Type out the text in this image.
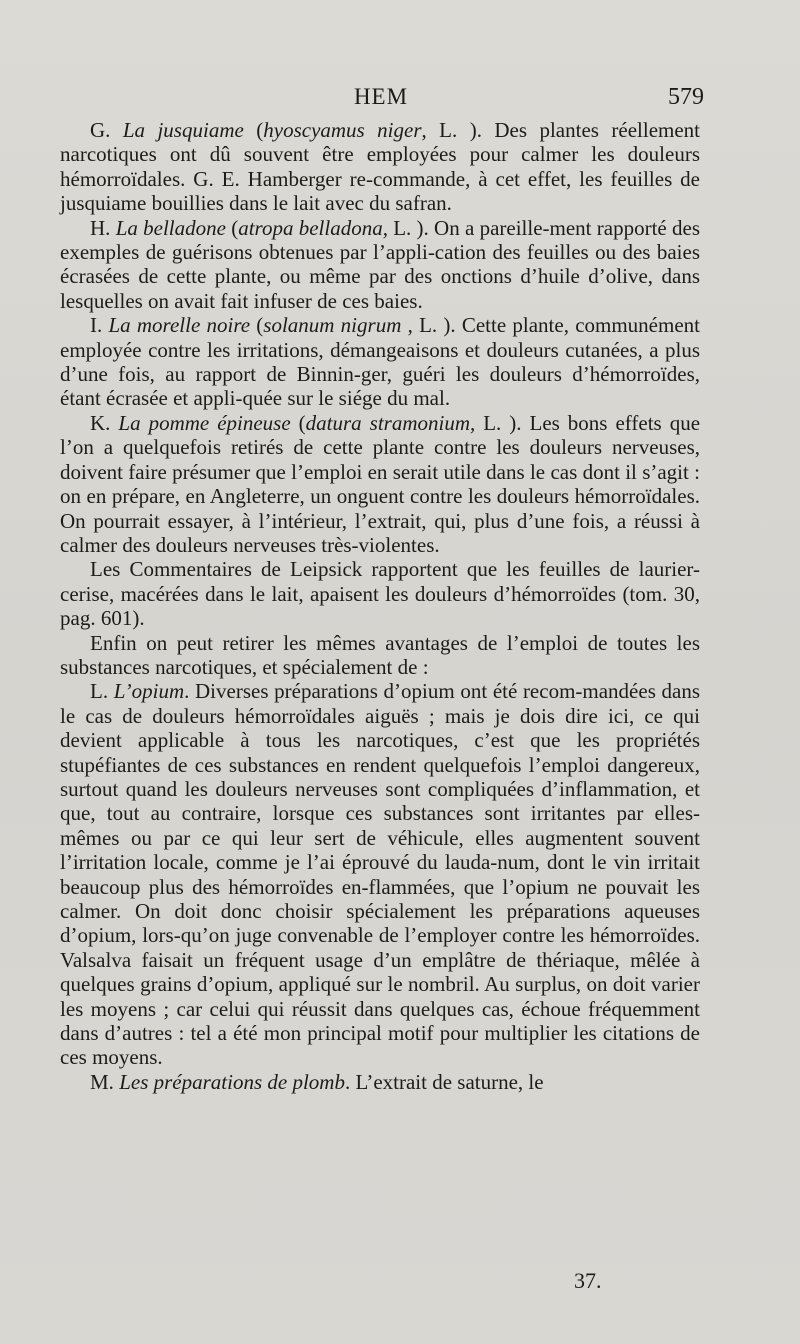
HEM	579

G. La jusquiame (hyoscyamus niger, L. ). Des plantes réellement narcotiques ont dû souvent être employées pour calmer les douleurs hémorroïdales. G. E. Hamberger re-commande, à cet effet, les feuilles de jusquiame bouillies dans le lait avec du safran.

H. La belladone (atropa belladona, L. ). On a pareille-ment rapporté des exemples de guérisons obtenues par l’appli-cation des feuilles ou des baies écrasées de cette plante, ou même par des onctions d’huile d’olive, dans lesquelles on avait fait infuser de ces baies.

I. La morelle noire (solanum nigrum , L. ). Cette plante, communément employée contre les irritations, démangeaisons et douleurs cutanées, a plus d’une fois, au rapport de Binnin-ger, guéri les douleurs d’hémorroïdes, étant écrasée et appli-quée sur le siége du mal.

K. La pomme épineuse (datura stramonium, L. ). Les bons effets que l’on a quelquefois retirés de cette plante contre les douleurs nerveuses, doivent faire présumer que l’emploi en serait utile dans le cas dont il s’agit : on en prépare, en Angleterre, un onguent contre les douleurs hémorroïdales. On pourrait essayer, à l’intérieur, l’extrait, qui, plus d’une fois, a réussi à calmer des douleurs nerveuses très-violentes.

Les Commentaires de Leipsick rapportent que les feuilles de laurier-cerise, macérées dans le lait, apaisent les douleurs d’hémorroïdes (tom. 30, pag. 601).

Enfin on peut retirer les mêmes avantages de l’emploi de toutes les substances narcotiques, et spécialement de :

L. L’opium. Diverses préparations d’opium ont été recom-mandées dans le cas de douleurs hémorroïdales aiguës ; mais je dois dire ici, ce qui devient applicable à tous les narcotiques, c’est que les propriétés stupéfiantes de ces substances en rendent quelquefois l’emploi dangereux, surtout quand les douleurs nerveuses sont compliquées d’inflammation, et que, tout au contraire, lorsque ces substances sont irritantes par elles-mêmes ou par ce qui leur sert de véhicule, elles augmentent souvent l’irritation locale, comme je l’ai éprouvé du lauda-num, dont le vin irritait beaucoup plus des hémorroïdes en-flammées, que l’opium ne pouvait les calmer. On doit donc choisir spécialement les préparations aqueuses d’opium, lors-qu’on juge convenable de l’employer contre les hémorroïdes. Valsalva faisait un fréquent usage d’un emplâtre de thériaque, mêlée à quelques grains d’opium, appliqué sur le nombril. Au surplus, on doit varier les moyens ; car celui qui réussit dans quelques cas, échoue fréquemment dans d’autres : tel a été mon principal motif pour multiplier les citations de ces moyens.

M. Les préparations de plomb. L’extrait de saturne, le

37.
